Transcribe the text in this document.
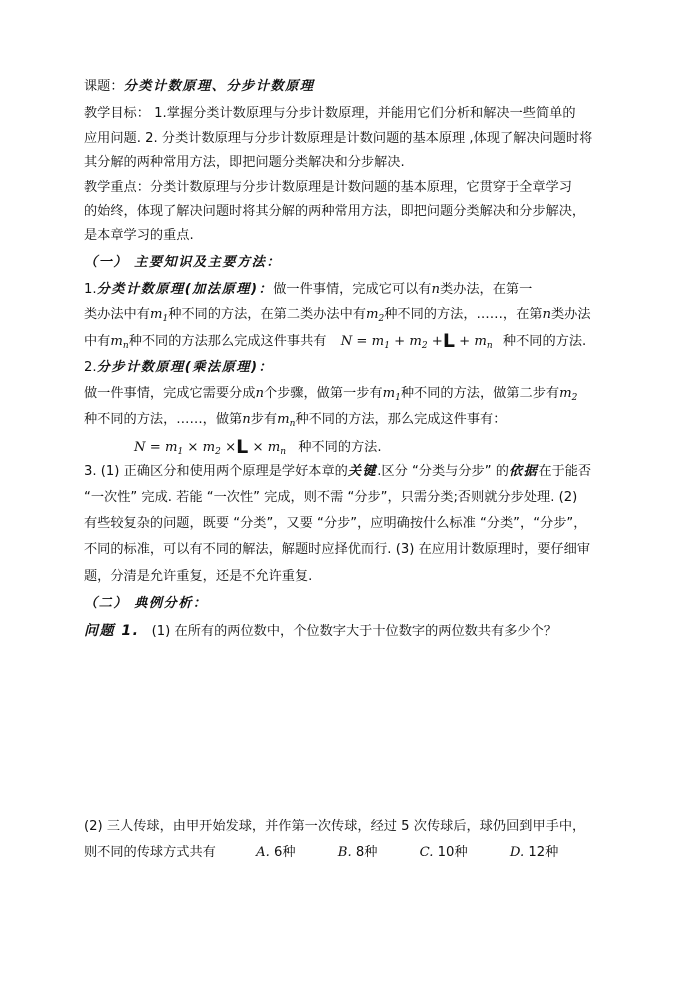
课题：分类计数原理、分步计数原理
教学目标： 1.掌握分类计数原理与分步计数原理，并能用它们分析和解决一些简单的
应用问题. 2. 分类计数原理与分步计数原理是计数问题的基本原理 ,体现了解决问题时将
其分解的两种常用方法，即把问题分类解决和分步解决.
教学重点：分类计数原理与分步计数原理是计数问题的基本原理，它贯穿于全章学习
的始终，体现了解决问题时将其分解的两种常用方法，即把问题分类解决和分步解决，
是本章学习的重点.
（一） 主要知识及主要方法：
1.分类计数原理(加法原理)：做一件事情，完成它可以有n类办法，在第一
类办法中有$m_1$种不同的方法，在第二类办法中有$m_2$种不同的方法，……，在第n类办法
中有$m_n$种不同的方法那么完成这件事共有 $N = m_1 + m_2 +L + m_n$ 种不同的方法.
2.分步计数原理(乘法原理)：
做一件事情，完成它需要分成n个步骤，做第一步有$m_1$种不同的方法，做第二步有$m_2$
种不同的方法，……，做第n步有$m_n$种不同的方法，那么完成这件事有：
$N = m_1 \times m_2 \times L \times m_n$ 种不同的方法.
3. (1) 正确区分和使用两个原理是学好本章的关键.区分 “分类与分步” 的依据在于能否
“一次性” 完成. 若能 “一次性” 完成，则不需 “分步”，只需分类;否则就分步处理. (2)
有些较复杂的问题，既要 “分类”，又要 “分步”，应明确按什么标准 “分类”，“分步”，
不同的标准，可以有不同的解法，解题时应择优而行. (3) 在应用计数原理时，要仔细审
题，分清是允许重复，还是不允许重复.
（二） 典例分析：
问题 1. (1) 在所有的两位数中，个位数字大于十位数字的两位数共有多少个？
(2) 三人传球，由甲开始发球，并作第一次传球，经过 5 次传球后，球仍回到甲手中，
则不同的传球方式共有	A. 6种	B. 8种	C. 10种	D. 12种
